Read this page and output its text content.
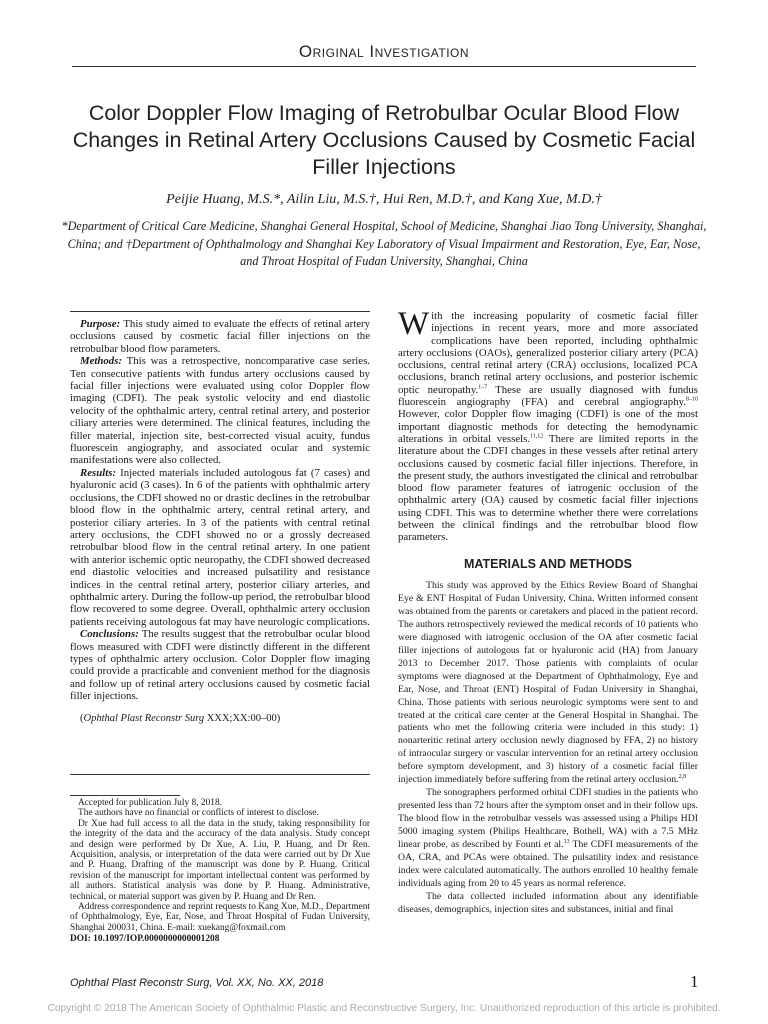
Original Investigation
Color Doppler Flow Imaging of Retrobulbar Ocular Blood Flow Changes in Retinal Artery Occlusions Caused by Cosmetic Facial Filler Injections
Peijie Huang, M.S.*, Ailin Liu, M.S.†, Hui Ren, M.D.†, and Kang Xue, M.D.†
*Department of Critical Care Medicine, Shanghai General Hospital, School of Medicine, Shanghai Jiao Tong University, Shanghai, China; and †Department of Ophthalmology and Shanghai Key Laboratory of Visual Impairment and Restoration, Eye, Ear, Nose, and Throat Hospital of Fudan University, Shanghai, China

Purpose: This study aimed to evaluate the effects of retinal artery occlusions caused by cosmetic facial filler injections on the retrobulbar blood flow parameters.

Methods: This was a retrospective, noncomparative case series. Ten consecutive patients with fundus artery occlusions caused by facial filler injections were evaluated using color Doppler flow imaging (CDFI). The peak systolic velocity and end diastolic velocity of the ophthalmic artery, central retinal artery, and posterior ciliary arteries were determined. The clinical features, including the filler material, injection site, best-corrected visual acuity, fundus fluorescein angiography, and associated ocular and systemic manifestations were also collected.

Results: Injected materials included autologous fat (7 cases) and hyaluronic acid (3 cases). In 6 of the patients with ophthalmic artery occlusions, the CDFI showed no or drastic declines in the retrobulbar blood flow in the ophthalmic artery, central retinal artery, and posterior ciliary arteries. In 3 of the patients with central retinal artery occlusions, the CDFI showed no or a grossly decreased retrobulbar blood flow in the central retinal artery. In one patient with anterior ischemic optic neuropathy, the CDFI showed decreased end diastolic velocities and increased pulsatility and resistance indices in the central retinal artery, posterior ciliary arteries, and ophthalmic artery. During the follow-up period, the retrobulbar blood flow recovered to some degree. Overall, ophthalmic artery occlusion patients receiving autologous fat may have neurologic complications.

Conclusions: The results suggest that the retrobulbar ocular blood flows measured with CDFI were distinctly different in the different types of ophthalmic artery occlusion. Color Doppler flow imaging could provide a practicable and convenient method for the diagnosis and follow up of retinal artery occlusions caused by cosmetic facial filler injections.

(Ophthal Plast Reconstr Surg XXX;XX:00–00)

Accepted for publication July 8, 2018.

The authors have no financial or conflicts of interest to disclose.

Dr Xue had full access to all the data in the study, taking responsibility for the integrity of the data and the accuracy of the data analysis. Study concept and design were performed by Dr Xue, A. Liu, P. Huang, and Dr Ren. Acquisition, analysis, or interpretation of the data were carried out by Dr Xue and P. Huang. Drafting of the manuscript was done by P. Huang. Critical revision of the manuscript for important intellectual content was performed by all authors. Statistical analysis was done by P. Huang. Administrative, technical, or material support was given by P. Huang and Dr Ren.

Address correspondence and reprint requests to Kang Xue, M.D., Department of Ophthalmology, Eye, Ear, Nose, and Throat Hospital of Fudan University, Shanghai 200031, China. E-mail: xuekang@foxmail.com

DOI: 10.1097/IOP.0000000000001208

With the increasing popularity of cosmetic facial filler injections in recent years, more and more associated complications have been reported, including ophthalmic artery occlusions (OAOs), generalized posterior ciliary artery (PCA) occlusions, central retinal artery (CRA) occlusions, localized PCA occlusions, branch retinal artery occlusions, and posterior ischemic optic neuropathy.$^{1-7}$ These are usually diagnosed with fundus fluorescein angiography (FFA) and cerebral angiography.$^{8-10}$ However, color Doppler flow imaging (CDFI) is one of the most important diagnostic methods for detecting the hemodynamic alterations in orbital vessels.$^{11,12}$ There are limited reports in the literature about the CDFI changes in these vessels after retinal artery occlusions caused by cosmetic facial filler injections. Therefore, in the present study, the authors investigated the clinical and retrobulbar blood flow parameter features of iatrogenic occlusion of the ophthalmic artery (OA) caused by cosmetic facial filler injections using CDFI. This was to determine whether there were correlations between the clinical findings and the retrobulbar blood flow parameters.

MATERIALS AND METHODS

This study was approved by the Ethics Review Board of Shanghai Eye & ENT Hospital of Fudan University, China. Written informed consent was obtained from the parents or caretakers and placed in the patient record. The authors retrospectively reviewed the medical records of 10 patients who were diagnosed with iatrogenic occlusion of the OA after cosmetic facial filler injections of autologous fat or hyaluronic acid (HA) from January 2013 to December 2017. Those patients with complaints of ocular symptoms were diagnosed at the Department of Ophthalmology, Eye and Ear, Nose, and Throat (ENT) Hospital of Fudan University in Shanghai, China. Those patients with serious neurologic symptoms were sent to and treated at the critical care center at the General Hospital in Shanghai. The patients who met the following criteria were included in this study: 1) nonarteritic retinal artery occlusion newly diagnosed by FFA, 2) no history of intraocular surgery or vascular intervention for an retinal artery occlusion before symptom development, and 3) history of a cosmetic facial filler injection immediately before suffering from the retinal artery occlusion.$^{2,8}$

The sonographers performed orbital CDFI studies in the patients who presented less than 72 hours after the symptom onset and in their follow ups. The blood flow in the retrobulbar vessels was assessed using a Philips HDI 5000 imaging system (Philips Healthcare, Bothell, WA) with a 7.5 MHz linear probe, as described by Founti et al.$^{13}$ The CDFI measurements of the OA, CRA, and PCAs were obtained. The pulsatility index and resistance index were calculated automatically. The authors enrolled 10 healthy female individuals aging from 20 to 45 years as normal reference.

The data collected included information about any identifiable diseases, demographics, injection sites and substances, initial and final

Ophthal Plast Reconstr Surg, Vol. XX, No. XX, 2018	1
Copyright © 2018 The American Society of Ophthalmic Plastic and Reconstructive Surgery, Inc. Unauthorized reproduction of this article is prohibited.
